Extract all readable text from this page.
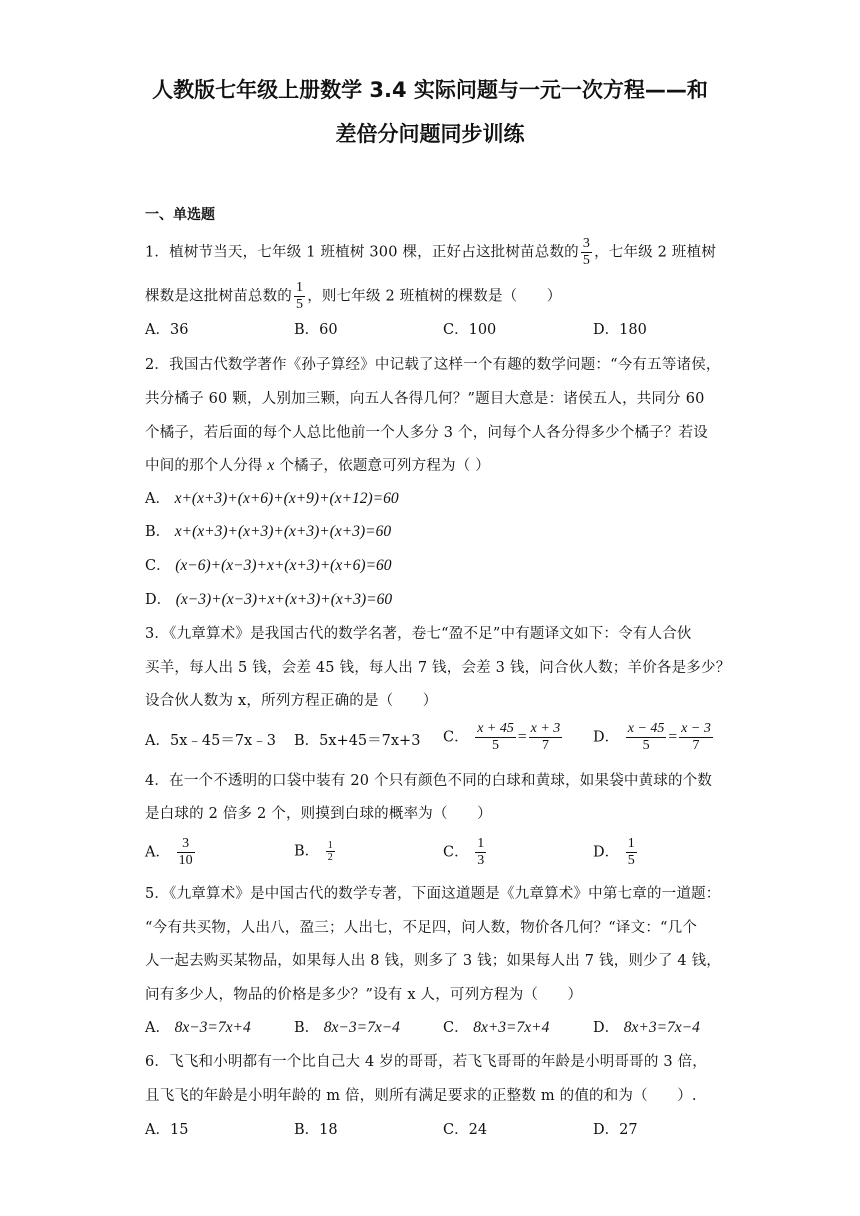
人教版七年级上册数学 3.4 实际问题与一元一次方程——和
差倍分问题同步训练
一、单选题
1．植树节当天，七年级 1 班植树 300 棵，正好占这批树苗总数的 $\frac{3}{5}$ ，七年级 2 班植树
棵数是这批树苗总数的 $\frac{1}{5}$ ，则七年级 2 班植树的棵数是（　　）
A．36	B．60	C．100	D．180
2．我国古代数学著作《孙子算经》中记载了这样一个有趣的数学问题：“今有五等诸侯，
共分橘子 60 颗，人别加三颗，向五人各得几何？”题目大意是：诸侯五人，共同分 60
个橘子，若后面的每个人总比他前一个人多分 3 个，问每个人各分得多少个橘子？若设
中间的那个人分得 x 个橘子，依题意可列方程为（ ）
A． x+(x+3)+(x+6)+(x+9)+(x+12)=60
B． x+(x+3)+(x+3)+(x+3)+(x+3)=60
C． (x−6)+(x−3)+x+(x+3)+(x+6)=60
D． (x−3)+(x−3)+x+(x+3)+(x+3)=60
3．《九章算术》是我国古代的数学名著，卷七“盈不足”中有题译文如下：令有人合伙
买羊，每人出 5 钱，会差 45 钱，每人出 7 钱，会差 3 钱，问合伙人数；羊价各是多少？
设合伙人数为 x，所列方程正确的是（　　）
A．5x﹣45＝7x﹣3 B．5x+45＝7x+3 C． $\frac{x + 45}{5} = \frac{x + 3}{7}$ D． $\frac{x - 45}{5} = \frac{x - 3}{7}$
4．在一个不透明的口袋中装有 20 个只有颜色不同的白球和黄球，如果袋中黄球的个数
是白球的 2 倍多 2 个，则摸到白球的概率为（　　）
A． $\frac{3}{10}$	B． $\frac{1}{2}$	C． $\frac{1}{3}$	D． $\frac{1}{5}$
5．《九章算术》是中国古代的数学专著，下面这道题是《九章算术》中第七章的一道题：
“今有共买物，人出八，盈三；人出七，不足四，问人数，物价各几何？“译文：“几个
人一起去购买某物品，如果每人出 8 钱，则多了 3 钱；如果每人出 7 钱，则少了 4 钱，
问有多少人，物品的价格是多少？”设有 x 人，可列方程为（　　）
A． 8x−3=7x+4	B． 8x−3=7x−4	C． 8x+3=7x+4	D． 8x+3=7x−4
6．飞飞和小明都有一个比自己大 4 岁的哥哥，若飞飞哥哥的年龄是小明哥哥的 3 倍，
且飞飞的年龄是小明年龄的 m 倍，则所有满足要求的正整数 m 的值的和为（　　）.
A．15	B．18	C．24	D．27
